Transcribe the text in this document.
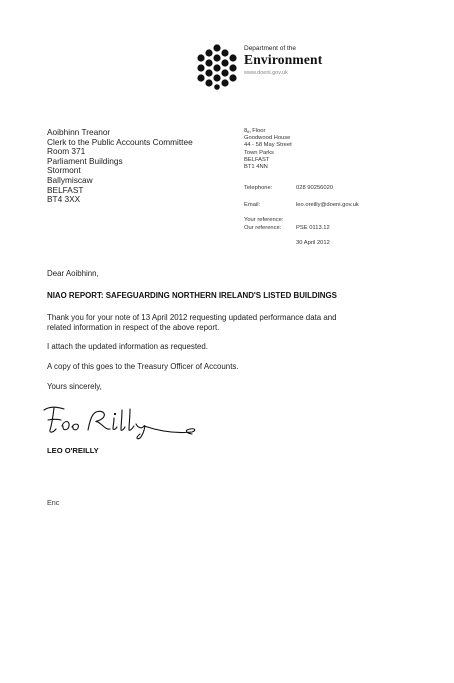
Department of the
Environment
www.doeni.gov.uk
Aoibhinn Treanor
Clerk to the Public Accounts Committee
Room 371
Parliament Buildings
Stormont
Ballymiscaw
BELFAST
BT4 3XX
8th Floor
Goodwood House
44 - 58 May Street
Town Parks
BELFAST
BT1 4NN
Telephone:	028 90256020
Email:	leo.oreilly@doeni.gov.uk
Your reference:
Our reference:	PSE 0113.12
30 April 2012
Dear Aoibhinn,
NIAO REPORT: SAFEGUARDING NORTHERN IRELAND'S LISTED BUILDINGS
Thank you for your note of 13 April 2012 requesting updated performance data and
related information in respect of the above report.
I attach the updated information as requested.
A copy of this goes to the Treasury Officer of Accounts.
Yours sincerely,
LEO O'REILLY
Enc
